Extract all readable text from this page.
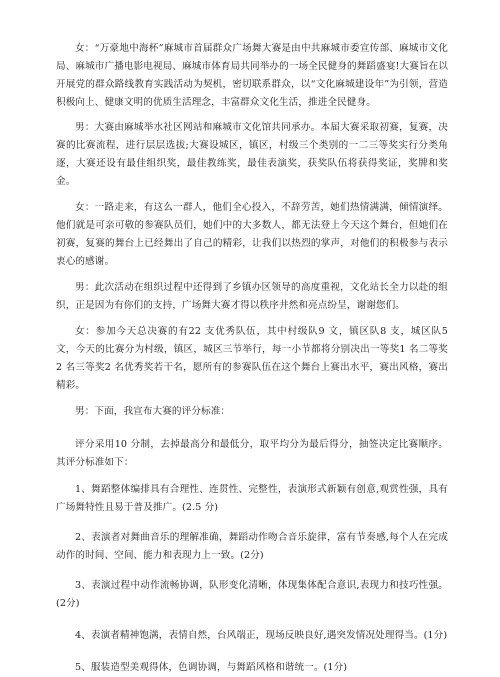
女：“万豪地中海杯”麻城市首届群众广场舞大赛是由中共麻城市委宣传部、麻城市文化局、麻城市广播电影电视局、麻城市体育局共同举办的一场全民健身的舞蹈盛宴!大赛旨在以开展党的群众路线教育实践活动为契机，密切联系群众，以“文化麻城建设年”为引领，营造积极向上、健康文明的优质生活理念，丰富群众文化生活，推进全民健身。

男：大赛由麻城举水社区网站和麻城市文化馆共同承办。本届大赛采取初赛，复赛，决赛的比赛流程，进行层层选拔;大赛设城区，镇区，村级三个类别的一二三等奖实行分类角逐，大赛还设有最佳组织奖，最佳教练奖，最佳表演奖，获奖队伍将获得奖证，奖牌和奖金。

女：一路走来，有这么一群人，他们全心投入，不辞劳苦，她们热情满满，倾情演绎。他们就是可亲可敬的参赛队员们，她们中的大多数人，都无法登上今天这个舞台，但她们在初赛，复赛的舞台上已经舞出了自己的精彩，让我们以热烈的掌声，对他们的积极参与表示衷心的感谢。

男：此次活动在组织过程中还得到了乡镇办区领导的高度重视，文化站长全力以赴的组织，正是因为有你们的支持，广场舞大赛才得以秩序井然和亮点纷呈，谢谢您们。

女：参加今天总决赛的有22 支优秀队伍，其中村级队9 文，镇区队8 支，城区队5 文，今天的比赛分为村级，镇区，城区三节举行，每一小节都将分别决出一等奖1 名二等奖2 名三等奖2 名优秀奖若干名，愿所有的参赛队伍在这个舞台上赛出水平，赛出风格，赛出精彩。

男：下面，我宣布大赛的评分标准：

评分采用10 分制，去掉最高分和最低分，取平均分为最后得分，抽签决定比赛顺序。其评分标准如下：

1、舞蹈整体编排具有合理性、连贯性、完整性，表演形式新颖有创意,观赏性强，具有广场舞特性且易于普及推广。(2.5 分)

2、表演者对舞曲音乐的理解准确，舞蹈动作吻合音乐旋律，富有节奏感,每个人在完成动作的时间、空间、能力和表现力上一致。(2分)

3、表演过程中动作流畅协调，队形变化清晰，体现集体配合意识,表现力和技巧性强。(2分)

4、表演者精神饱满，表情自然，台风端正，现场反映良好,遇突发情况处理得当。(1分)

5、服装造型美观得体，色调协调，与舞蹈风格和谐统一。(1分)
